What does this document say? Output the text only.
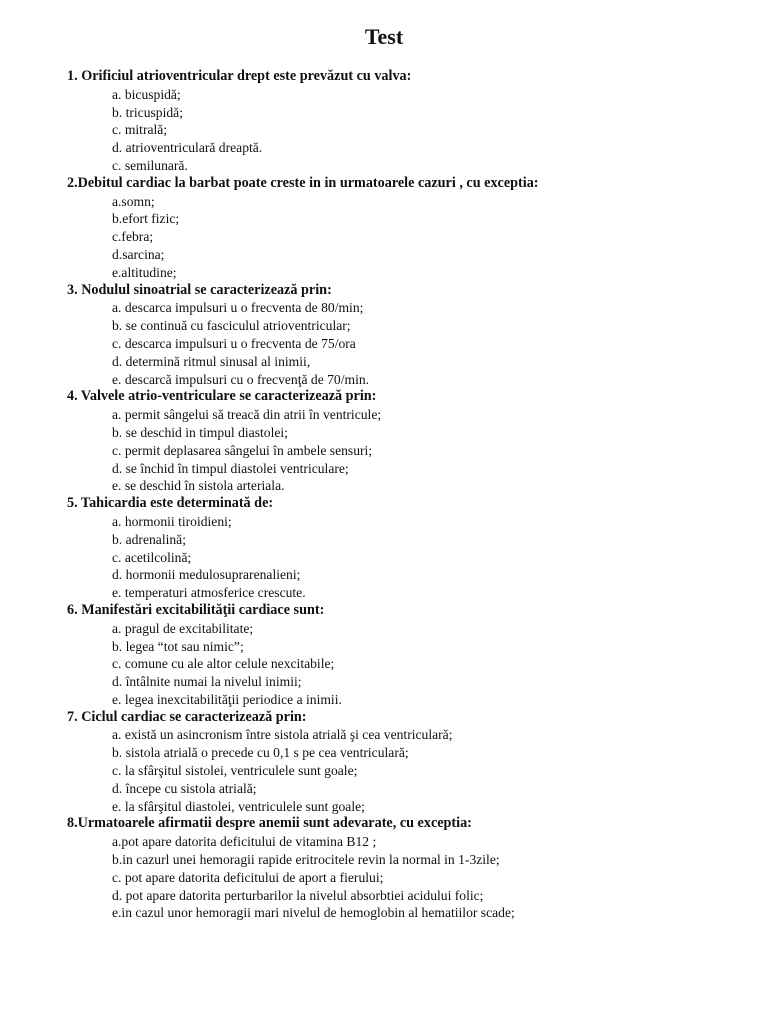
Test
1. Orificiul atrioventricular drept este prevăzut cu valva:
a. bicuspidă;
b. tricuspidă;
c. mitrală;
d. atrioventriculară dreaptă.
c. semilunară.
2.Debitul cardiac la barbat poate creste in in urmatoarele cazuri , cu exceptia:
a.somn;
b.efort fizic;
c.febra;
d.sarcina;
e.altitudine;
3. Nodulul sinoatrial se caracterizează prin:
a. descarca impulsuri u o frecventa de 80/min;
b. se continuă cu fasciculul atrioventricular;
c. descarca impulsuri u o frecventa de 75/ora
d. determină ritmul sinusal al inimii,
e. descarcă impulsuri cu o frecvenţă de 70/min.
4. Valvele atrio-ventriculare se caracterizează prin:
a. permit sângelui să treacă din atrii în ventricule;
b. se deschid in timpul diastolei;
c. permit deplasarea sângelui în ambele sensuri;
d. se închid în timpul diastolei ventriculare;
e. se deschid în sistola arteriala.
5. Tahicardia este determinată de:
a. hormonii tiroidieni;
b. adrenalină;
c. acetilcolină;
d. hormonii medulosuprarenalieni;
e. temperaturi atmosferice crescute.
6. Manifestări excitabilităţii cardiace sunt:
a. pragul de excitabilitate;
b. legea “tot sau nimic”;
c. comune cu ale altor celule nexcitabile;
d. întâlnite numai la nivelul inimii;
e. legea inexcitabilităţii periodice a inimii.
7. Ciclul cardiac se caracterizează prin:
a. există un asincronism între sistola atrială şi cea ventriculară;
b. sistola atrială o precede cu 0,1 s pe cea ventriculară;
c. la sfârşitul sistolei, ventriculele sunt goale;
d. începe cu sistola atrială;
e. la sfârşitul diastolei, ventriculele sunt goale;
8.Urmatoarele afirmatii despre anemii sunt adevarate, cu exceptia:
a.pot apare datorita deficitului de vitamina B12 ;
b.in cazurl unei hemoragii rapide eritrocitele revin la normal in 1-3zile;
c. pot apare datorita deficitului de aport a fierului;
d. pot apare datorita perturbarilor la nivelul absorbtiei acidului folic;
e.in cazul unor hemoragii mari nivelul de hemoglobin al hematiilor scade;
